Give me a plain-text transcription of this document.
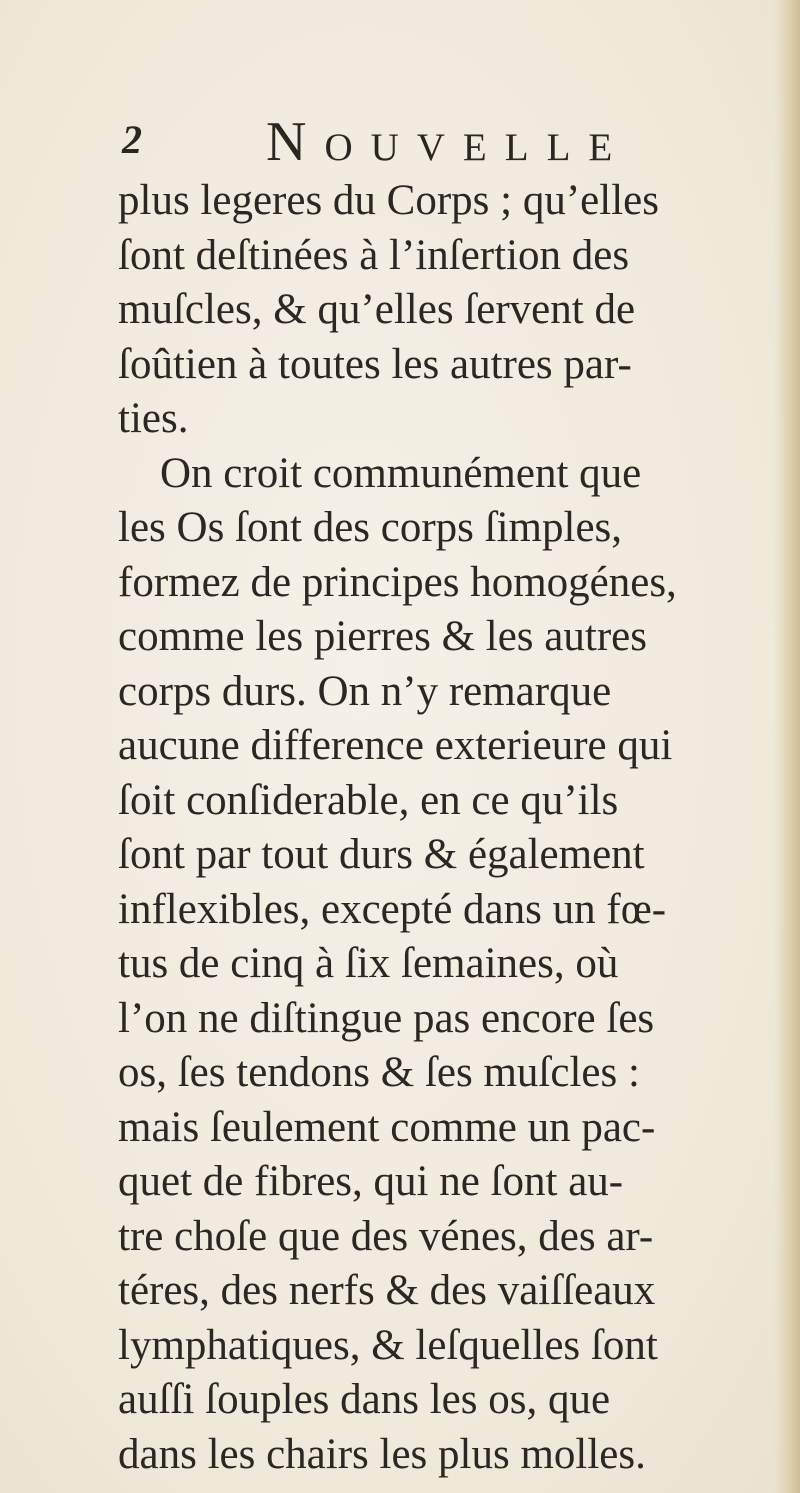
2 Nouvelle
plus legeres du Corps ; qu’elles
ſont deſtinées à l’inſertion des
muſcles, & qu’elles ſervent de
ſoûtien à toutes les autres par-
ties.
On croit communément que
les Os ſont des corps ſimples,
formez de principes homogénes,
comme les pierres & les autres
corps durs. On n’y remarque
aucune difference exterieure qui
ſoit conſiderable, en ce qu’ils
ſont par tout durs & également
inflexibles, excepté dans un fœ-
tus de cinq à ſix ſemaines, où
l’on ne diſtingue pas encore ſes
os, ſes tendons & ſes muſcles :
mais ſeulement comme un pac-
quet de fibres, qui ne ſont au-
tre choſe que des vénes, des ar-
téres, des nerfs & des vaiſſeaux
lymphatiques, & leſquelles ſont
auſſi ſouples dans les os, que
dans les chairs les plus molles.
